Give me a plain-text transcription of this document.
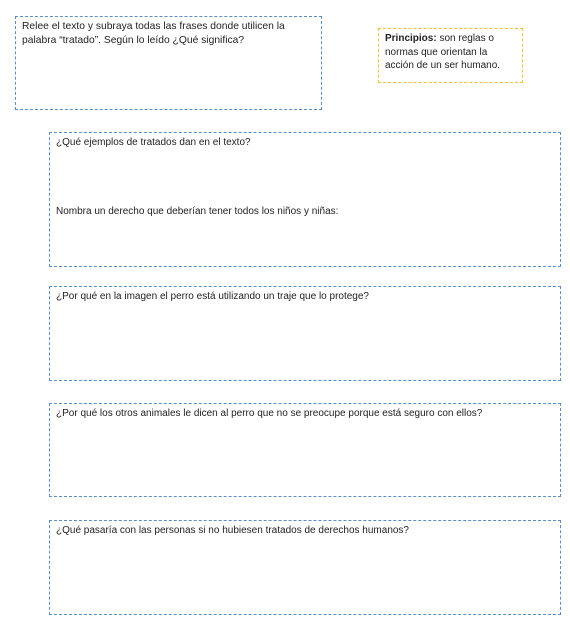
Relee el texto y subraya todas las frases donde utilicen la palabra “tratado”. Según lo leído ¿Qué significa?	Principios: son reglas o normas que orientan la acción de un ser humano.

¿Qué ejemplos de tratados dan en el texto?

Nombra un derecho que deberían tener todos los niños y niñas:

¿Por qué en la imagen el perro está utilizando un traje que lo protege?

¿Por qué los otros animales le dicen al perro que no se preocupe porque está seguro con ellos?

¿Qué pasaría con las personas si no hubiesen tratados de derechos humanos?
